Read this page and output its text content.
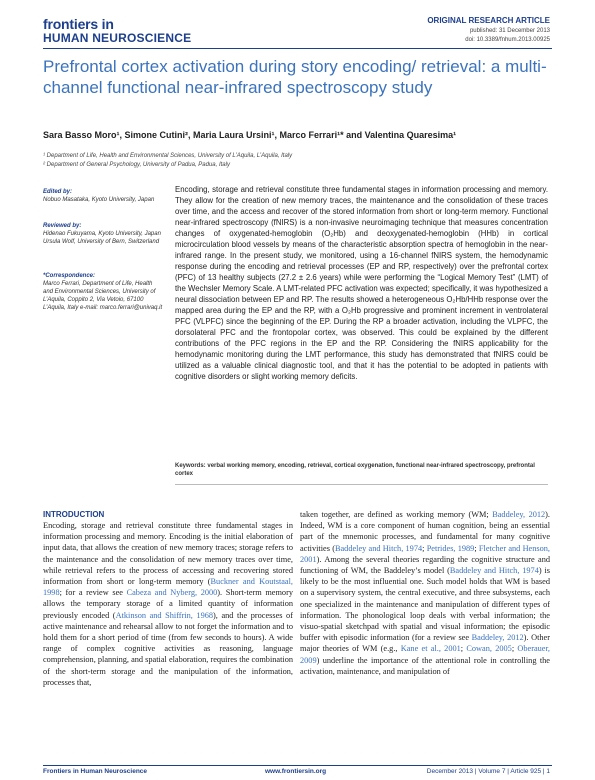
frontiers in
HUMAN NEUROSCIENCE
ORIGINAL RESEARCH ARTICLE
published: 31 December 2013
doi: 10.3389/fnhum.2013.00925
Prefrontal cortex activation during story encoding/ retrieval: a multi-channel functional near-infrared spectroscopy study
Sara Basso Moro¹, Simone Cutini², Maria Laura Ursini¹, Marco Ferrari¹* and Valentina Quaresima¹
¹ Department of Life, Health and Environmental Sciences, University of L’Aquila, L’Aquila, Italy
² Department of General Psychology, University of Padua, Padua, Italy
Edited by:
Nobuo Masataka, Kyoto University, Japan
Reviewed by:
Hidenao Fukuyama, Kyoto University, Japan Ursula Wolf, University of Bern, Switzerland
*Correspondence:
Marco Ferrari, Department of Life, Health and Environmental Sciences, University of L’Aquila, Coppito 2, Via Vetoio, 67100 L’Aquila, Italy e-mail: marco.ferrari@univaq.it
Encoding, storage and retrieval constitute three fundamental stages in information processing and memory. They allow for the creation of new memory traces, the maintenance and the consolidation of these traces over time, and the access and recover of the stored information from short or long-term memory. Functional near-infrared spectroscopy (fNIRS) is a non-invasive neuroimaging technique that measures concentration changes of oxygenated-hemoglobin (O₂Hb) and deoxygenated-hemoglobin (HHb) in cortical microcirculation blood vessels by means of the characteristic absorption spectra of hemoglobin in the near-infrared range. In the present study, we monitored, using a 16-channel fNIRS system, the hemodynamic response during the encoding and retrieval processes (EP and RP, respectively) over the prefrontal cortex (PFC) of 13 healthy subjects (27.2 ± 2.6 years) while were performing the “Logical Memory Test” (LMT) of the Wechsler Memory Scale. A LMT-related PFC activation was expected; specifically, it was hypothesized a neural dissociation between EP and RP. The results showed a heterogeneous O₂Hb/HHb response over the mapped area during the EP and the RP, with a O₂Hb progressive and prominent increment in ventrolateral PFC (VLPFC) since the beginning of the EP. During the RP a broader activation, including the VLPFC, the dorsolateral PFC and the frontopolar cortex, was observed. This could be explained by the different contributions of the PFC regions in the EP and the RP. Considering the fNIRS applicability for the hemodynamic monitoring during the LMT performance, this study has demonstrated that fNIRS could be utilized as a valuable clinical diagnostic tool, and that it has the potential to be adopted in patients with cognitive disorders or slight working memory deficits.
Keywords: verbal working memory, encoding, retrieval, cortical oxygenation, functional near-infrared spectroscopy, prefrontal cortex
INTRODUCTION
Encoding, storage and retrieval constitute three fundamental stages in information processing and memory. Encoding is the initial elaboration of input data, that allows the creation of new memory traces; storage refers to the maintenance and the consolidation of new memory traces over time, while retrieval refers to the process of accessing and recovering stored information from short or long-term memory (Buckner and Koutstaal, 1998; for a review see Cabeza and Nyberg, 2000). Short-term memory allows the temporary storage of a limited quantity of information previously encoded (Atkinson and Shiffrin, 1968), and the processes of active maintenance and rehearsal allow to not forget the information and to hold them for a short period of time (from few seconds to hours). A wide range of complex cognitive activities as reasoning, language comprehension, planning, and spatial elaboration, requires the combination of the short-term storage and the manipulation of the information, processes that,
taken together, are defined as working memory (WM; Baddeley, 2012). Indeed, WM is a core component of human cognition, being an essential part of the mnemonic processes, and fundamental for many cognitive activities (Baddeley and Hitch, 1974; Petrides, 1989; Fletcher and Henson, 2001). Among the several theories regarding the cognitive structure and functioning of WM, the Baddeley’s model (Baddeley and Hitch, 1974) is likely to be the most influential one. Such model holds that WM is based on a supervisory system, the central executive, and three subsystems, each one specialized in the maintenance and manipulation of different types of information. The phonological loop deals with verbal information; the visuo-spatial sketchpad with spatial and visual information; the episodic buffer with episodic information (for a review see Baddeley, 2012). Other major theories of WM (e.g., Kane et al., 2001; Cowan, 2005; Oberauer, 2009) underline the importance of the attentional role in controlling the activation, maintenance, and manipulation of
Frontiers in Human Neuroscience	www.frontiersin.org	December 2013 | Volume 7 | Article 925 | 1
